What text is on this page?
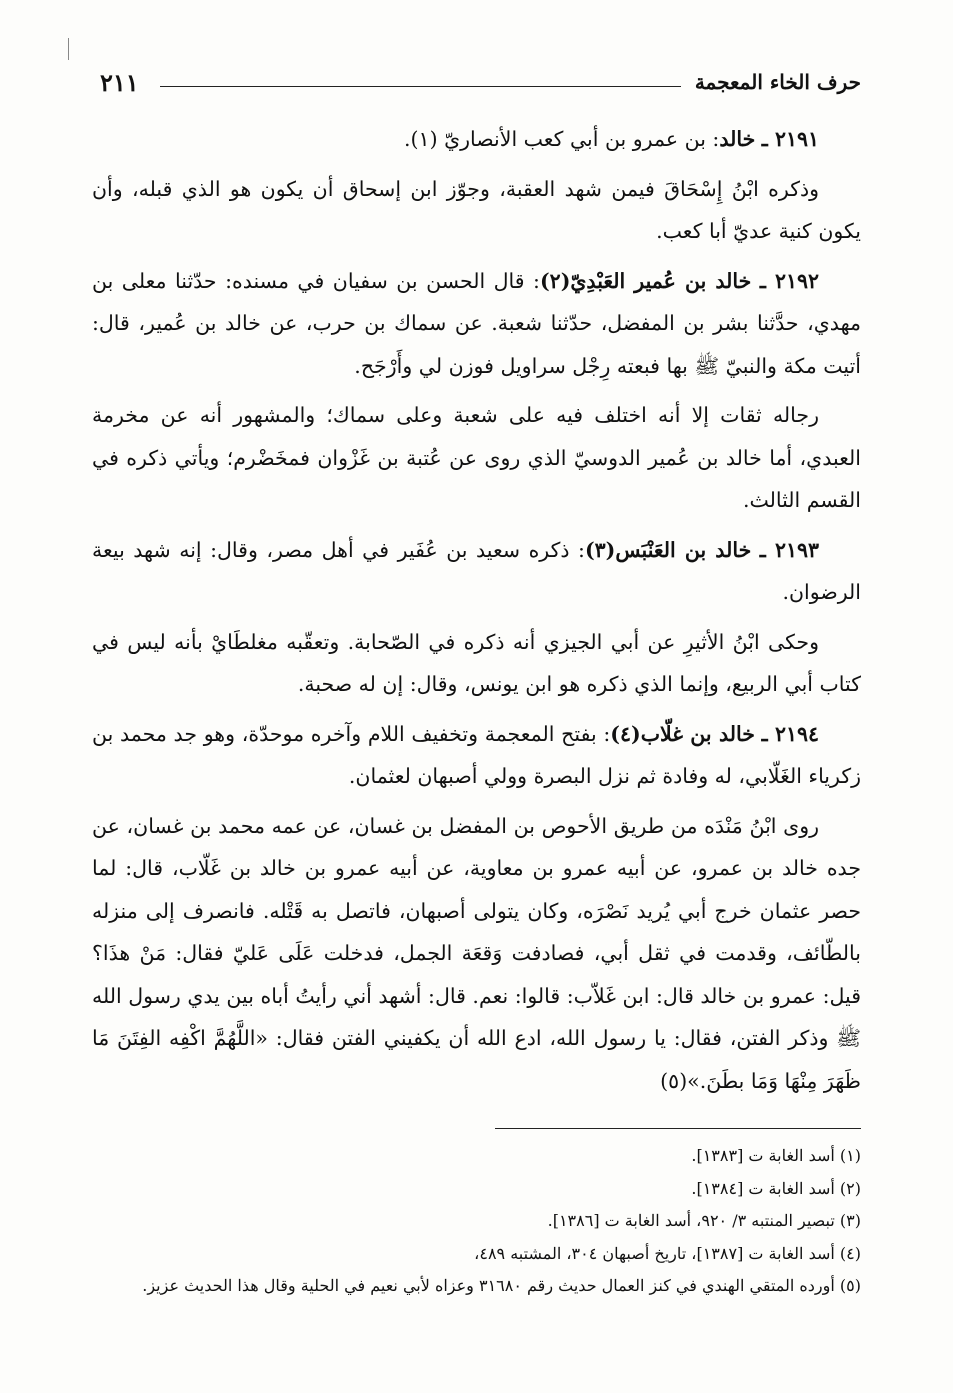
٢١١	حرف الخاء المعجمة

٢١٩١ ـ خالد: بن عمرو بن أبي كعب الأنصاريّ (١).

وذكره ابْنُ إِسْحَاقَ فيمن شهد العقبة، وجوّز ابن إسحاق أن يكون هو الذي قبله، وأن يكون كنية عديّ أبا كعب.

٢١٩٢ ـ خالد بن عُمير العَبْدِيّ(٢): قال الحسن بن سفيان في مسنده: حدّثنا معلى بن مهدي، حدَّثنا بشر بن المفضل، حدّثنا شعبة. عن سماك بن حرب، عن خالد بن عُمير، قال: أتيت مكة والنبيّ ﷺ بها فبعته رِجْل سراويل فوزن لي وأَرْجَح.

رجاله ثقات إلا أنه اختلف فيه على شعبة وعلى سماك؛ والمشهور أنه عن مخرمة العبدي، أما خالد بن عُمير الدوسيّ الذي روى عن عُتبة بن غَزْوان فمخَضْرم؛ ويأتي ذكره في القسم الثالث.

٢١٩٣ ـ خالد بن العَنْبَس(٣): ذكره سعيد بن عُفَير في أهل مصر، وقال: إنه شهد بيعة الرضوان.

وحكى ابْنُ الأثيرِ عن أبي الجيزي أنه ذكره في الصّحابة. وتعقّبه مغلطَايْ بأنه ليس في كتاب أبي الربيع، وإنما الذي ذكره هو ابن يونس، وقال: إن له صحبة.

٢١٩٤ ـ خالد بن غلّاب(٤): بفتح المعجمة وتخفيف اللام وآخره موحدّة، وهو جد محمد بن زكرياء الغَلّابي، له وفادة ثم نزل البصرة وولي أصبهان لعثمان.

روى ابْنُ مَنْدَه من طريق الأحوص بن المفضل بن غسان، عن عمه محمد بن غسان، عن جده خالد بن عمرو، عن أبيه عمرو بن معاوية، عن أبيه عمرو بن خالد بن غَلّاب، قال: لما حصر عثمان خرج أبي يُريد نَصْرَه، وكان يتولى أصبهان، فاتصل به قَتْله. فانصرف إلى منزله بالطّائف، وقدمت في ثقل أبي، فصادفت وَقعَة الجمل، فدخلت عَلَى عَليّ فقال: مَنْ هذَا؟ قيل: عمرو بن خالد قال: ابن غَلاّب: قالوا: نعم. قال: أشهد أني رأيتُ أباه بين يدي رسول الله ﷺ وذكر الفتن، فقال: يا رسول الله، ادع الله أن يكفيني الفتن فقال: «اللَّهُمَّ اكْفِه الفِتَنَ مَا ظَهَرَ مِنْهَا وَمَا بطَنَ.»(٥)

(١) أسد الغابة ت [١٣٨٣].

(٢) أسد الغابة ت [١٣٨٤].

(٣) تبصير المنتبه ٣/ ٩٢٠، أسد الغابة ت [١٣٨٦].

(٤) أسد الغابة ت [١٣٨٧]، تاريخ أصبهان ٣٠٤، المشتبه ٤٨٩،

(٥) أورده المتقي الهندي في كنز العمال حديث رقم ٣١٦٨٠ وعزاه لأبي نعيم في الحلية وقال هذا الحديث عزيز.
